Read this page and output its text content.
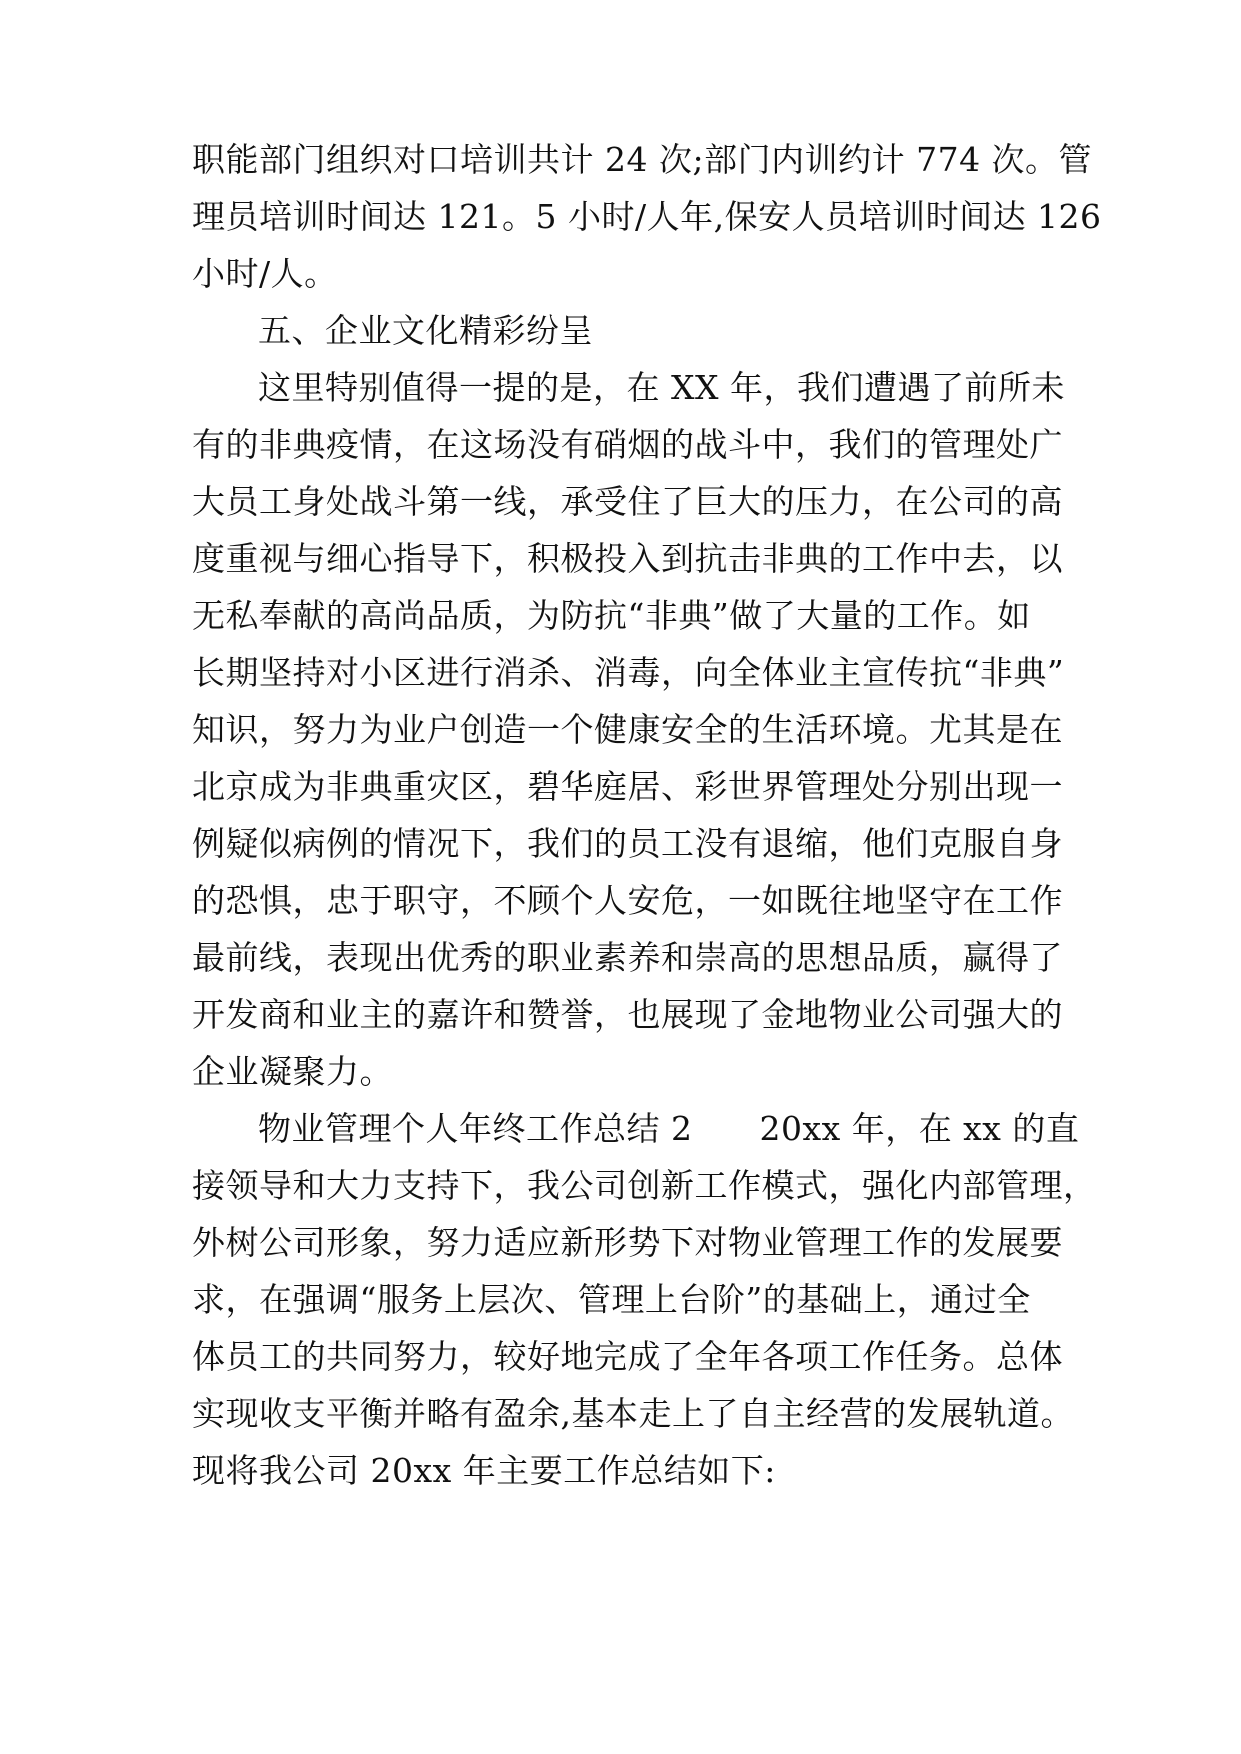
职能部门组织对口培训共计 24 次;部门内训约计 774 次。管
理员培训时间达 121。5 小时/人年,保安人员培训时间达 126
小时/人。
五、企业文化精彩纷呈
这里特别值得一提的是，在 XX 年，我们遭遇了前所未
有的非典疫情，在这场没有硝烟的战斗中，我们的管理处广
大员工身处战斗第一线，承受住了巨大的压力，在公司的高
度重视与细心指导下，积极投入到抗击非典的工作中去，以
无私奉献的高尚品质，为防抗“非典”做了大量的工作。如
长期坚持对小区进行消杀、消毒，向全体业主宣传抗“非典”
知识，努力为业户创造一个健康安全的生活环境。尤其是在
北京成为非典重灾区，碧华庭居、彩世界管理处分别出现一
例疑似病例的情况下，我们的员工没有退缩，他们克服自身
的恐惧，忠于职守，不顾个人安危，一如既往地坚守在工作
最前线，表现出优秀的职业素养和崇高的思想品质，赢得了
开发商和业主的嘉许和赞誉，也展现了金地物业公司强大的
企业凝聚力。
物业管理个人年终工作总结 2　　20xx 年，在 xx 的直
接领导和大力支持下，我公司创新工作模式，强化内部管理，
外树公司形象，努力适应新形势下对物业管理工作的发展要
求，在强调“服务上层次、管理上台阶”的基础上，通过全
体员工的共同努力，较好地完成了全年各项工作任务。总体
实现收支平衡并略有盈余,基本走上了自主经营的发展轨道。
现将我公司 20xx 年主要工作总结如下:
